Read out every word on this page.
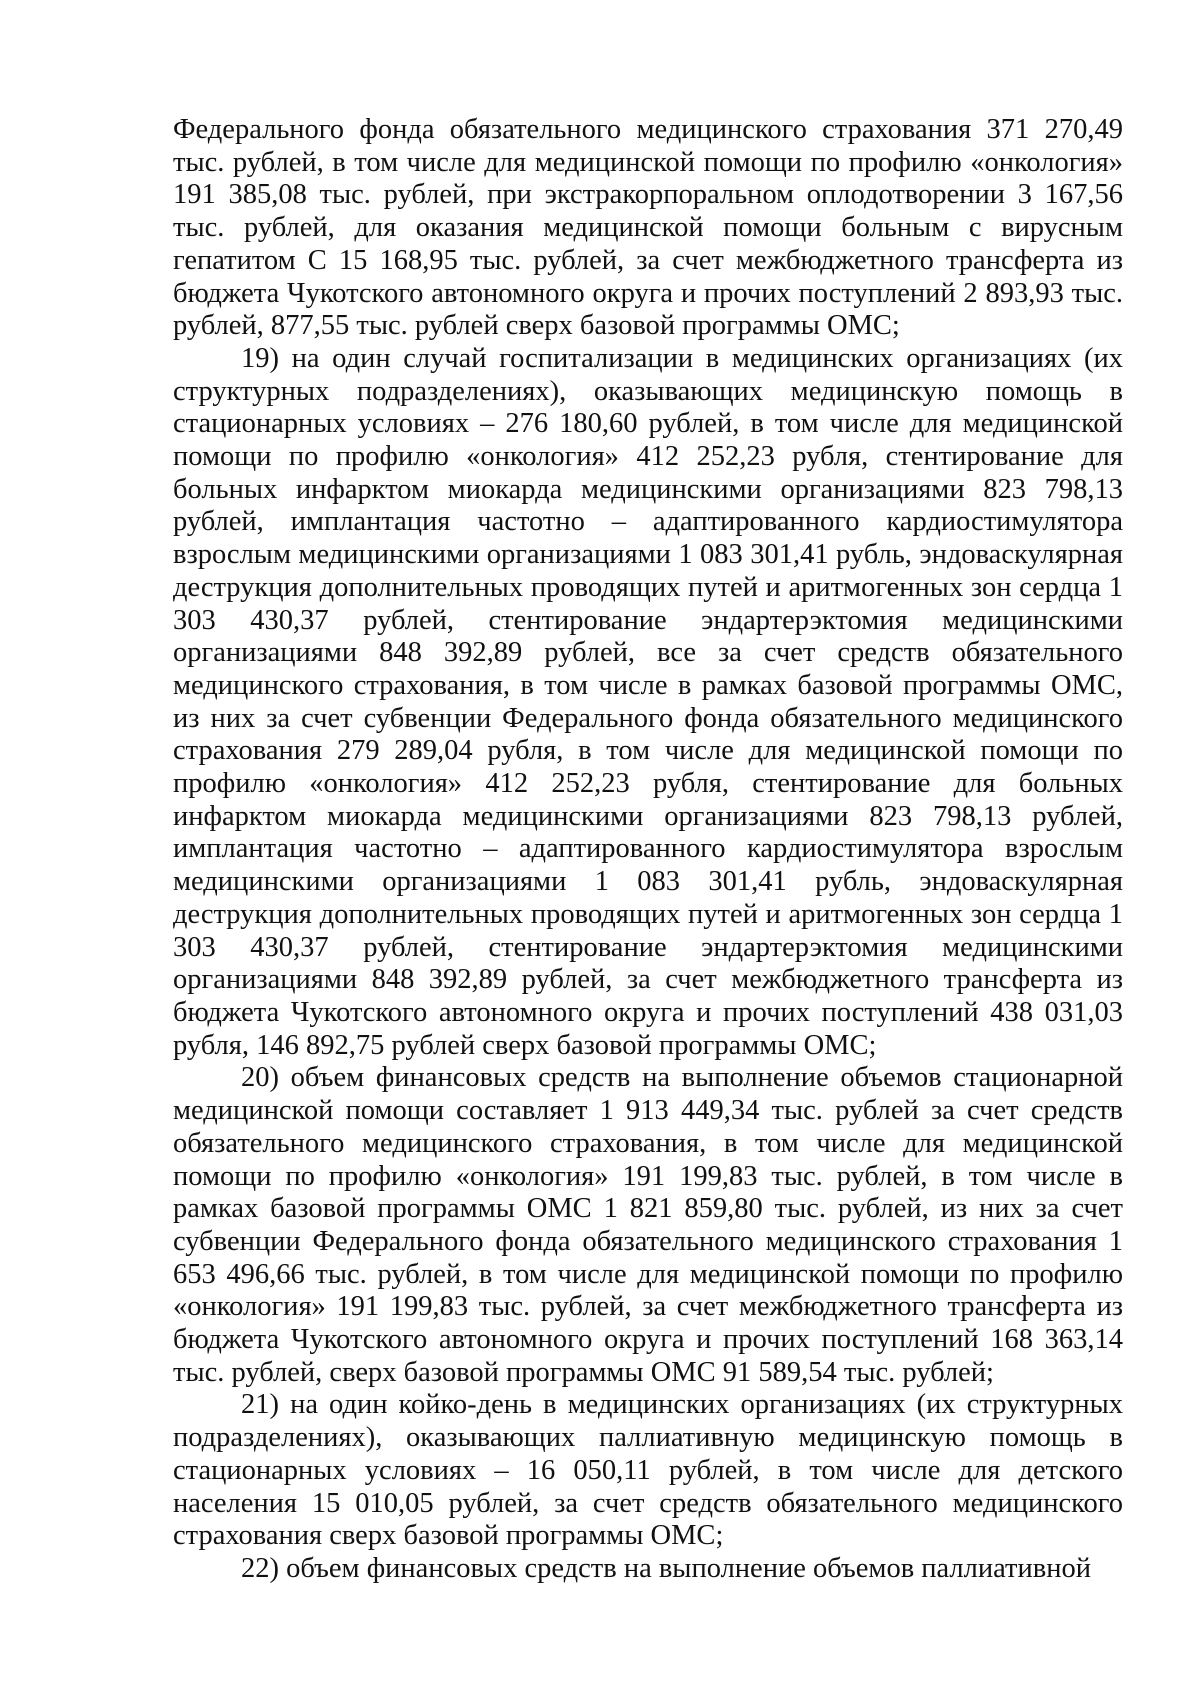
Федерального фонда обязательного медицинского страхования 371 270,49 тыс. рублей, в том числе для медицинской помощи по профилю «онкология» 191 385,08 тыс. рублей, при экстракорпоральном оплодотворении 3 167,56 тыс. рублей, для оказания медицинской помощи больным с вирусным гепатитом С 15 168,95 тыс. рублей, за счет межбюджетного трансферта из бюджета Чукотского автономного округа и прочих поступлений 2 893,93 тыс. рублей, 877,55 тыс. рублей сверх базовой программы ОМС;

19) на один случай госпитализации в медицинских организациях (их структурных подразделениях), оказывающих медицинскую помощь в стационарных условиях – 276 180,60 рублей, в том числе для медицинской помощи по профилю «онкология» 412 252,23 рубля, стентирование для больных инфарктом миокарда медицинскими организациями 823 798,13 рублей, имплантация частотно – адаптированного кардиостимулятора взрослым медицинскими организациями 1 083 301,41 рубль, эндоваскулярная деструкция дополнительных проводящих путей и аритмогенных зон сердца 1 303 430,37 рублей, стентирование эндартерэктомия медицинскими организациями 848 392,89 рублей, все за счет средств обязательного медицинского страхования, в том числе в рамках базовой программы ОМС, из них за счет субвенции Федерального фонда обязательного медицинского страхования 279 289,04 рубля, в том числе для медицинской помощи по профилю «онкология» 412 252,23 рубля, стентирование для больных инфарктом миокарда медицинскими организациями 823 798,13 рублей, имплантация частотно – адаптированного кардиостимулятора взрослым медицинскими организациями 1 083 301,41 рубль, эндоваскулярная деструкция дополнительных проводящих путей и аритмогенных зон сердца 1 303 430,37 рублей, стентирование эндартерэктомия медицинскими организациями 848 392,89 рублей, за счет межбюджетного трансферта из бюджета Чукотского автономного округа и прочих поступлений 438 031,03 рубля, 146 892,75 рублей сверх базовой программы ОМС;

20) объем финансовых средств на выполнение объемов стационарной медицинской помощи составляет 1 913 449,34 тыс. рублей за счет средств обязательного медицинского страхования, в том числе для медицинской помощи по профилю «онкология» 191 199,83 тыс. рублей, в том числе в рамках базовой программы ОМС 1 821 859,80 тыс. рублей, из них за счет субвенции Федерального фонда обязательного медицинского страхования 1 653 496,66 тыс. рублей, в том числе для медицинской помощи по профилю «онкология» 191 199,83 тыс. рублей, за счет межбюджетного трансферта из бюджета Чукотского автономного округа и прочих поступлений 168 363,14 тыс. рублей, сверх базовой программы ОМС 91 589,54 тыс. рублей;

21) на один койко-день в медицинских организациях (их структурных подразделениях), оказывающих паллиативную медицинскую помощь в стационарных условиях – 16 050,11 рублей, в том числе для детского населения 15 010,05 рублей, за счет средств обязательного медицинского страхования сверх базовой программы ОМС;

22) объем финансовых средств на выполнение объемов паллиативной
